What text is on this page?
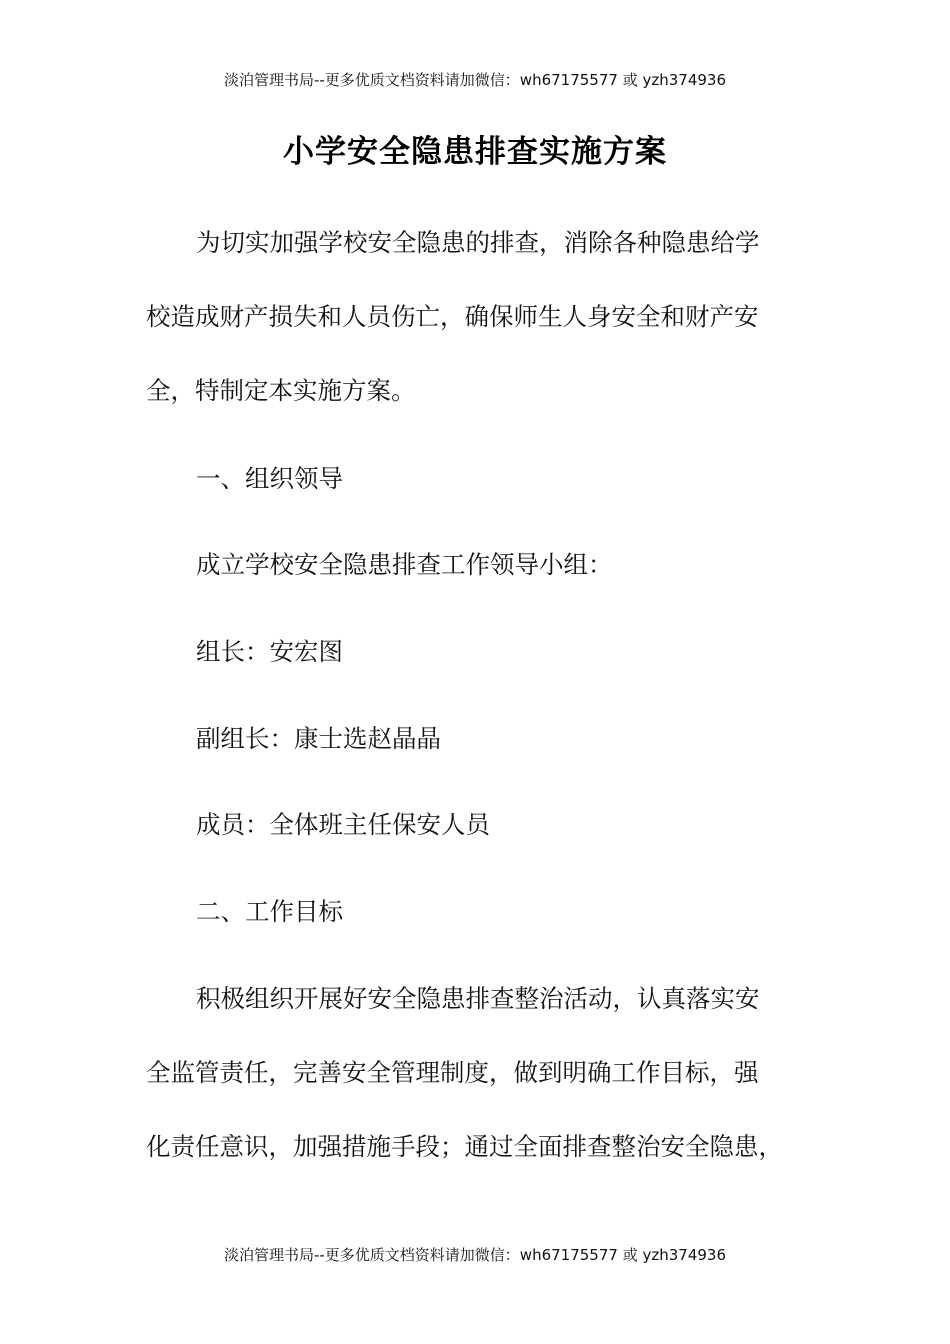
淡泊管理书局--更多优质文档资料请加微信：wh67175577 或 yzh374936
小学安全隐患排查实施方案
为切实加强学校安全隐患的排查，消除各种隐患给学
校造成财产损失和人员伤亡，确保师生人身安全和财产安
全，特制定本实施方案。
一、组织领导
成立学校安全隐患排查工作领导小组：
组长：安宏图
副组长：康士选赵晶晶
成员：全体班主任保安人员
二、工作目标
积极组织开展好安全隐患排查整治活动，认真落实安
全监管责任，完善安全管理制度，做到明确工作目标，强
化责任意识，加强措施手段；通过全面排查整治安全隐患，
淡泊管理书局--更多优质文档资料请加微信：wh67175577 或 yzh374936
